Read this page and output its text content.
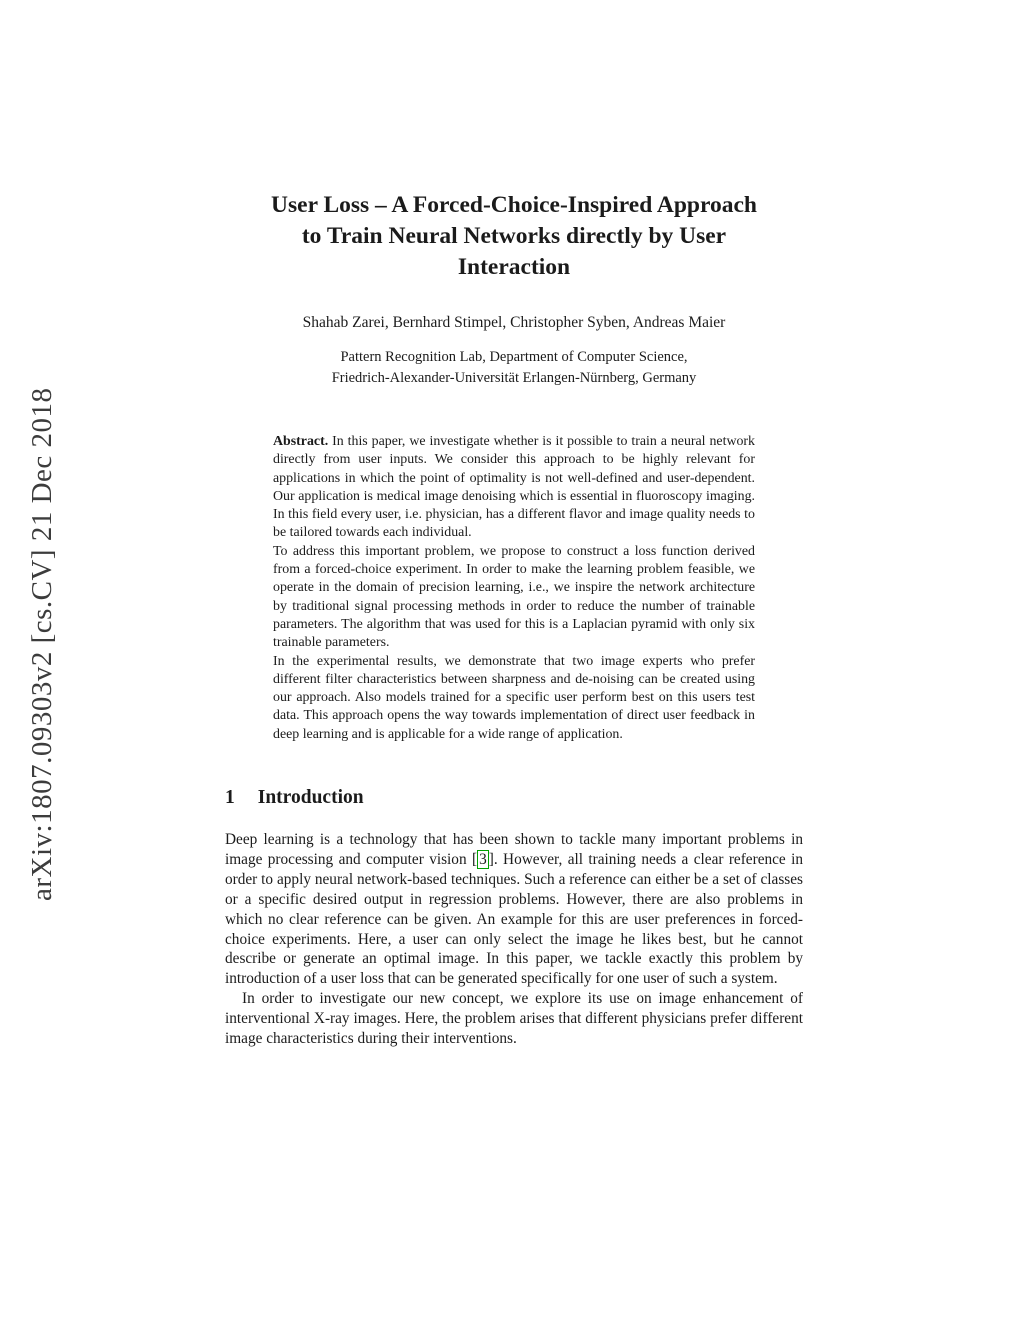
arXiv:1807.09303v2 [cs.CV] 21 Dec 2018
User Loss – A Forced-Choice-Inspired Approach
to Train Neural Networks directly by User
Interaction
Shahab Zarei, Bernhard Stimpel, Christopher Syben, Andreas Maier
Pattern Recognition Lab, Department of Computer Science,
Friedrich-Alexander-Universität Erlangen-Nürnberg, Germany

Abstract. In this paper, we investigate whether is it possible to train a neural network directly from user inputs. We consider this approach to be highly relevant for applications in which the point of optimality is not well-defined and user-dependent. Our application is medical image denoising which is essential in fluoroscopy imaging. In this field every user, i.e. physician, has a different flavor and image quality needs to be tailored towards each individual.

To address this important problem, we propose to construct a loss function derived from a forced-choice experiment. In order to make the learning problem feasible, we operate in the domain of precision learning, i.e., we inspire the network architecture by traditional signal processing methods in order to reduce the number of trainable parameters. The algorithm that was used for this is a Laplacian pyramid with only six trainable parameters.

In the experimental results, we demonstrate that two image experts who prefer different filter characteristics between sharpness and de-noising can be created using our approach. Also models trained for a specific user perform best on this users test data. This approach opens the way towards implementation of direct user feedback in deep learning and is applicable for a wide range of application.

1 Introduction

Deep learning is a technology that has been shown to tackle many important problems in image processing and computer vision [ 3 ]. However, all training needs a clear reference in order to apply neural network-based techniques. Such a reference can either be a set of classes or a specific desired output in regression problems. However, there are also problems in which no clear reference can be given. An example for this are user preferences in forced-choice experiments. Here, a user can only select the image he likes best, but he cannot describe or generate an optimal image. In this paper, we tackle exactly this problem by introduction of a user loss that can be generated specifically for one user of such a system.

In order to investigate our new concept, we explore its use on image enhancement of interventional X-ray images. Here, the problem arises that different physicians prefer different image characteristics during their interventions.
